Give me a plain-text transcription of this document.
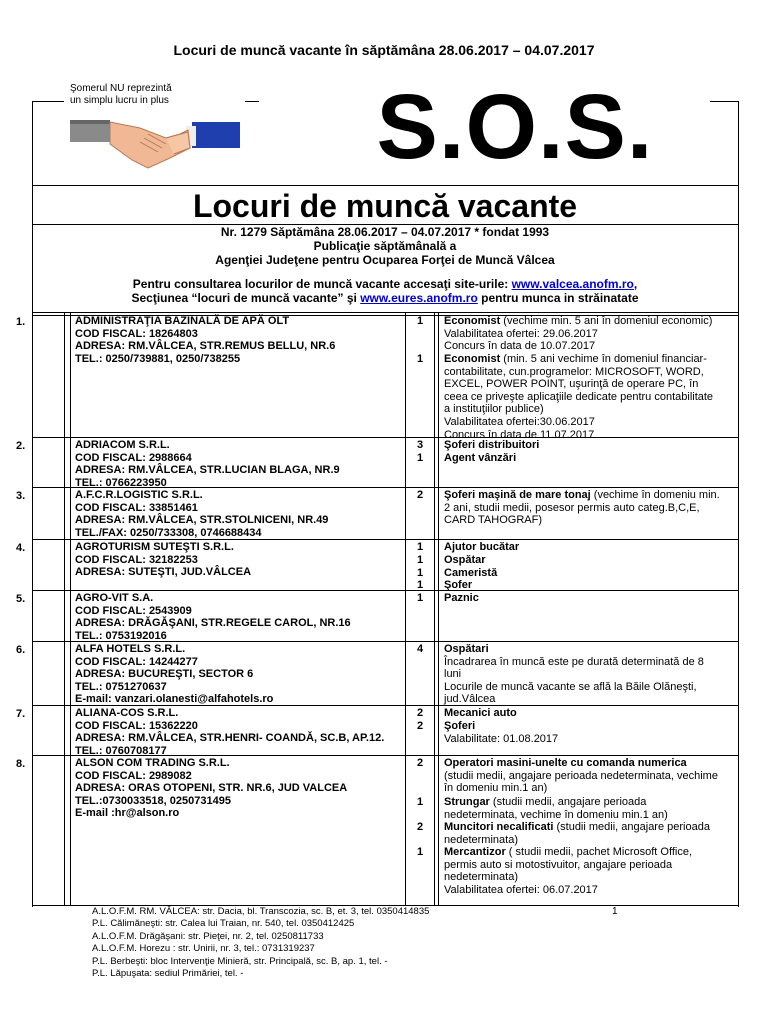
Locuri de muncă vacante în săptămâna 28.06.2017 – 04.07.2017
Şomerul NU reprezintă
un simplu lucru in plus	S.O.S.
Locuri de muncă vacante
Nr. 1279 Săptămâna 28.06.2017 – 04.07.2017 * fondat 1993
Publicaţie săptămânală a
Agenţiei Judeţene pentru Ocuparea Forţei de Muncă Vâlcea
Pentru consultarea locurilor de muncă vacante accesaţi site-urile: www.valcea.anofm.ro,
Secţiunea “locuri de muncă vacante” şi www.eures.anofm.ro pentru munca in străinatate
1.	ADMINISTRAŢIA BAZINALĂ DE APĂ OLT
COD FISCAL: 18264803
ADRESA: RM.VÂLCEA, STR.REMUS BELLU, NR.6
TEL.: 0250/739881, 0250/738255
1	Economist (vechime min. 5 ani în domeniul economic)
Valabilitatea ofertei: 29.06.2017
Concurs în data de 10.07.2017
1	Economist (min. 5 ani vechime în domeniul financiar-
contabilitate, cun.programelor: MICROSOFT, WORD,
EXCEL, POWER POINT, uşurinţă de operare PC, în
ceea ce priveşte aplicaţiile dedicate pentru contabilitate
a instituţiilor publice)
Valabilitatea ofertei:30.06.2017
Concurs în data de 11.07.2017
2.	ADRIACOM S.R.L.
COD FISCAL: 2988664
ADRESA: RM.VÂLCEA, STR.LUCIAN BLAGA, NR.9
TEL.: 0766223950
3	Şoferi distribuitori
1	Agent vânzări
3.	A.F.C.R.LOGISTIC S.R.L.
COD FISCAL: 33851461
ADRESA: RM.VÂLCEA, STR.STOLNICENI, NR.49
TEL./FAX: 0250/733308, 0746688434
2	Şoferi maşină de mare tonaj (vechime în domeniu min.
2 ani, studii medii, posesor permis auto categ.B,C,E,
CARD TAHOGRAF)
4.	AGROTURISM SUTEŞTI S.R.L.
COD FISCAL: 32182253
ADRESA: SUTEŞTI, JUD.VÂLCEA
1	Ajutor bucătar
1	Ospătar
1	Cameristă
1	Şofer
5.	AGRO-VIT S.A.
COD FISCAL: 2543909
ADRESA: DRĂGĂŞANI, STR.REGELE CAROL, NR.16
TEL.: 0753192016
1	Paznic
6.	ALFA HOTELS S.R.L.
COD FISCAL: 14244277
ADRESA: BUCUREŞTI, SECTOR 6
TEL.: 0751270637
E-mail: vanzari.olanesti@alfahotels.ro
4	Ospătari
Încadrarea în muncă este pe durată determinată de 8
luni
Locurile de muncă vacante se află la Băile Olăneşti,
jud.Vâlcea
7.	ALIANA-COS S.R.L.
COD FISCAL: 15362220
ADRESA: RM.VÂLCEA, STR.HENRI- COANDĂ, SC.B, AP.12.
TEL.: 0760708177
2	Mecanici auto
2	Şoferi
Valabilitate: 01.08.2017
8.	ALSON COM TRADING S.R.L.
COD FISCAL: 2989082
ADRESA: ORAS OTOPENI, STR. NR.6, JUD VALCEA
TEL.:0730033518, 0250731495
E-mail :hr@alson.ro
2	Operatori masini-unelte cu comanda numerica
(studii medii, angajare perioada nedeterminata, vechime
în domeniu min.1 an)
1	Strungar (studii medii, angajare perioada
nedeterminata, vechime în domeniu min.1 an)
2	Muncitori necalificati (studii medii, angajare perioada
nedeterminata)
1	Mercantizor ( studii medii, pachet Microsoft Office,
permis auto si motostivuitor, angajare perioada
nedeterminata)
Valabilitatea ofertei: 06.07.2017
A.L.O.F.M. RM. VÂLCEA: str. Dacia, bl. Transcozia, sc. B, et. 3, tel. 0350414835
P.L. Călimăneşti: str. Calea lui Traian, nr. 540, tel. 0350412425
A.L.O.F.M. Drăgăşani: str. Pieţei, nr. 2, tel. 0250811733
A.L.O.F.M. Horezu : str. Unirii, nr. 3, tel.: 0731319237
P.L. Berbeşti: bloc Intervenţie Minieră, str. Principală, sc. B, ap. 1, tel. -
P.L. Lăpuşata: sediul Primăriei, tel. -
1
